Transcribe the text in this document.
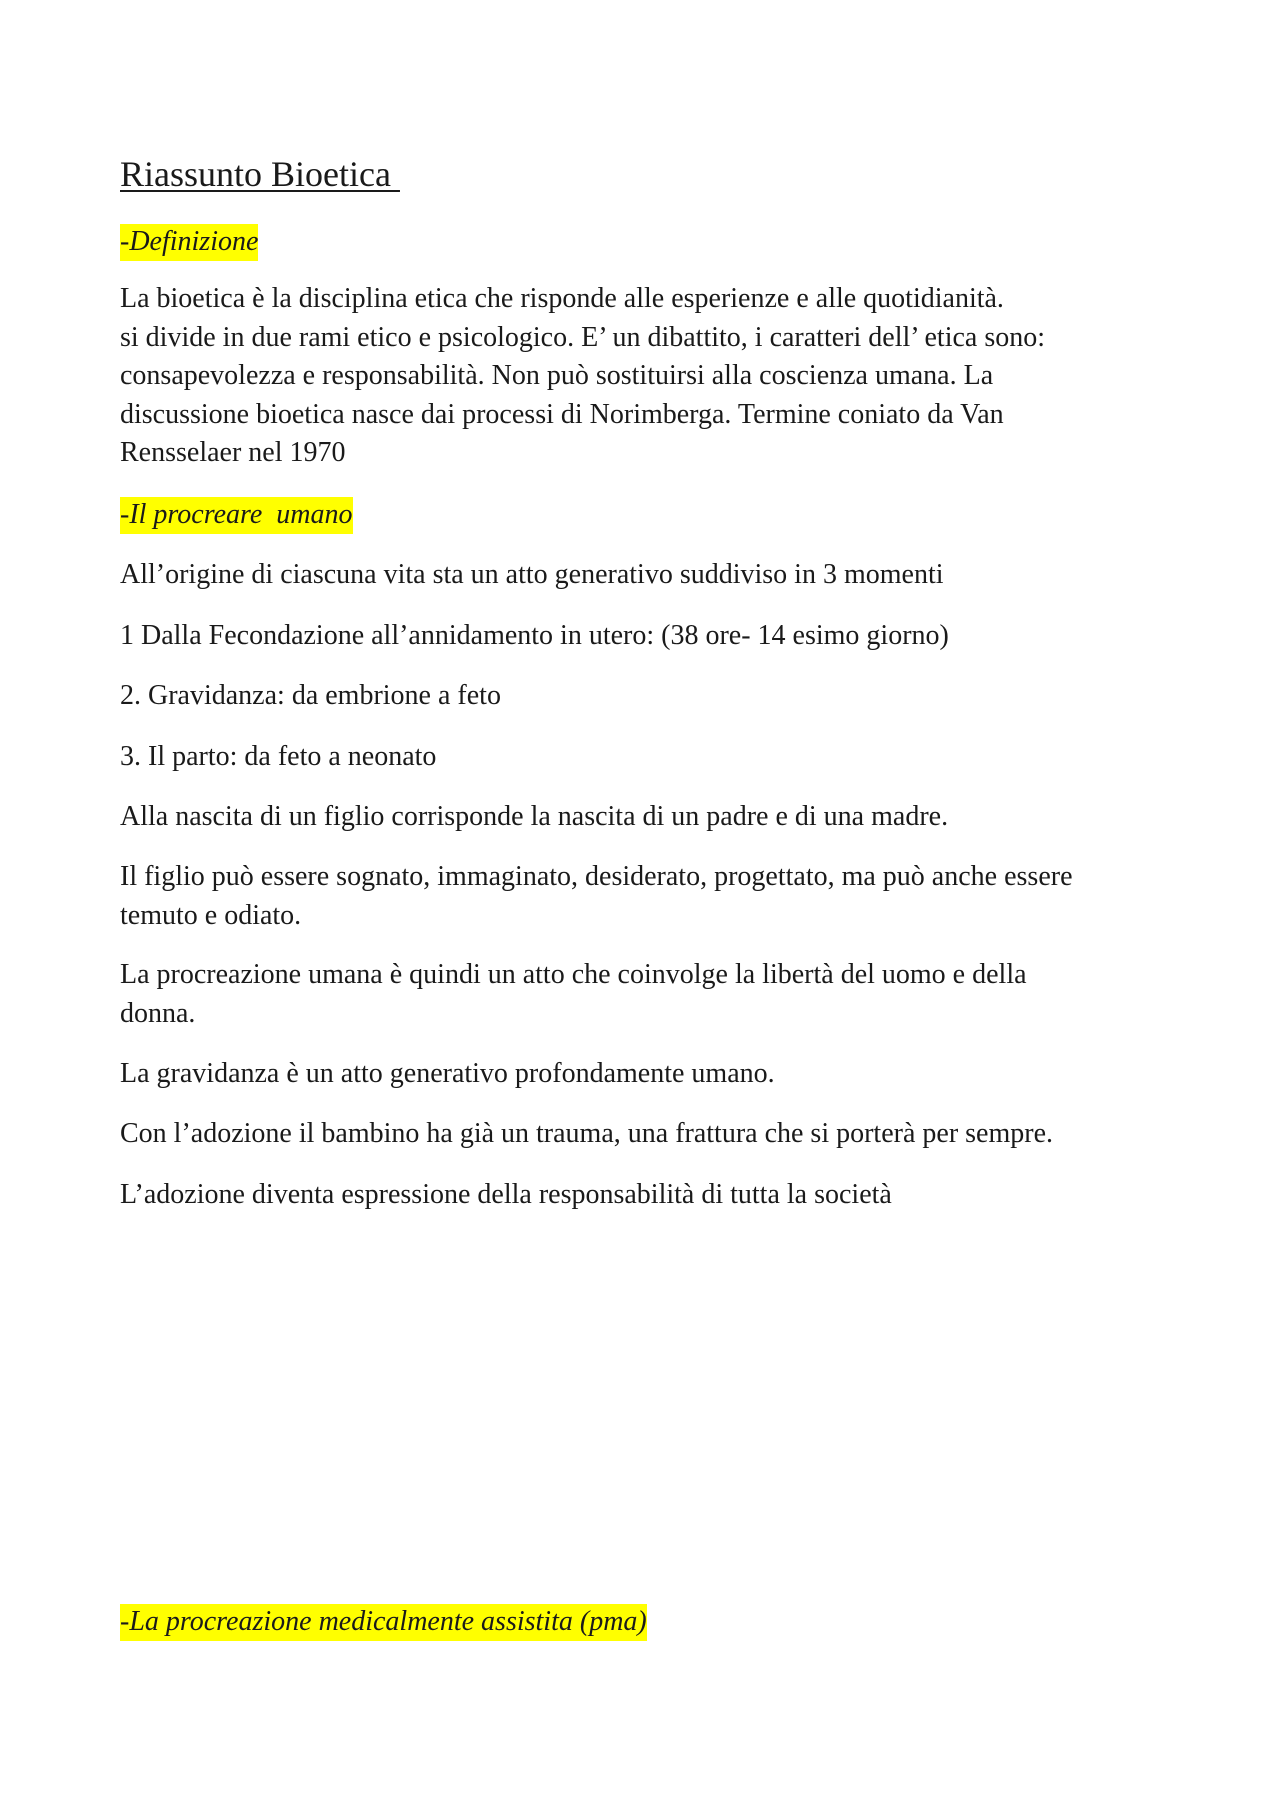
Riassunto Bioetica
-Definizione

La bioetica è la disciplina etica che risponde alle esperienze e alle quotidianità.

si divide in due rami etico e psicologico. E’ un dibattito, i caratteri dell’ etica sono:

consapevolezza e responsabilità. Non può sostituirsi alla coscienza umana. La

discussione bioetica nasce dai processi di Norimberga. Termine coniato da Van

Rensselaer nel 1970

-Il procreare  umano

All’origine di ciascuna vita sta un atto generativo suddiviso in 3 momenti

1 Dalla Fecondazione all’annidamento in utero: (38 ore- 14 esimo giorno)

2. Gravidanza: da embrione a feto

3. Il parto: da feto a neonato

Alla nascita di un figlio corrisponde la nascita di un padre e di una madre.

Il figlio può essere sognato, immaginato, desiderato, progettato, ma può anche essere

temuto e odiato.

La procreazione umana è quindi un atto che coinvolge la libertà del uomo e della

donna.

La gravidanza è un atto generativo profondamente umano.

Con l’adozione il bambino ha già un trauma, una frattura che si porterà per sempre.

L’adozione diventa espressione della responsabilità di tutta la società

-La procreazione medicalmente assistita (pma)
